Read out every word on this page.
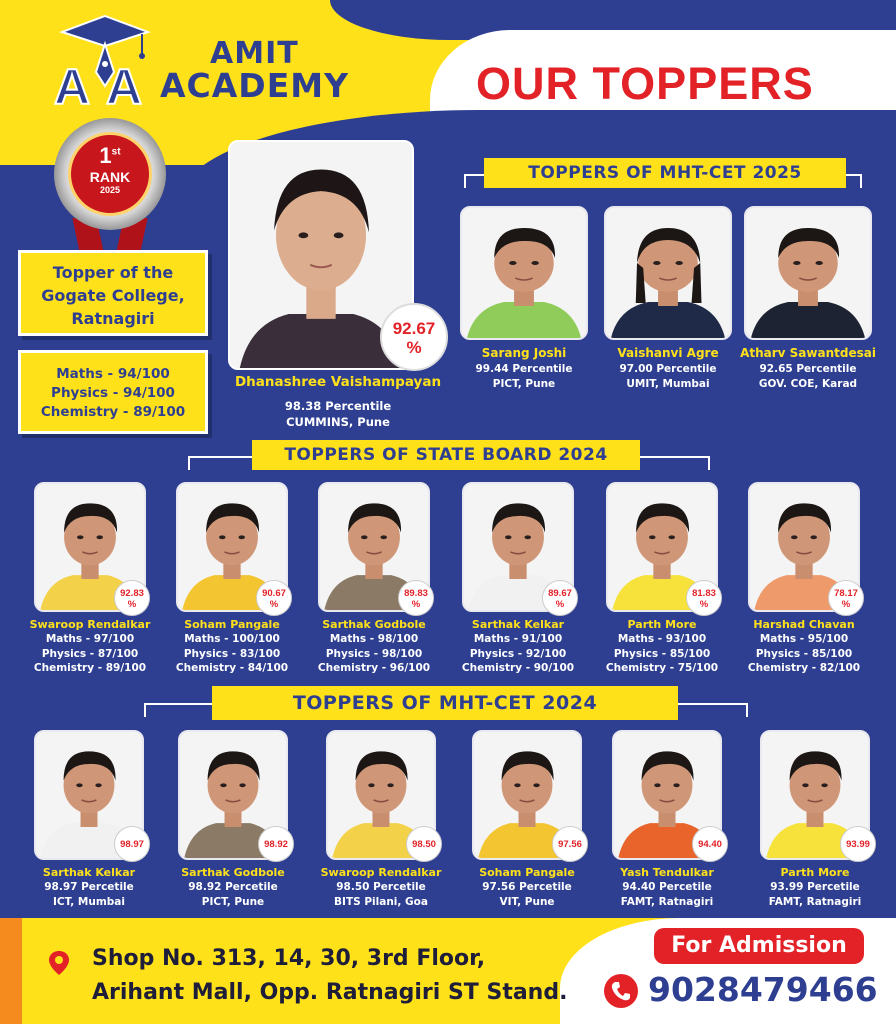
A A
AMIT
ACADEMY	OUR TOPPERS
1st
RANK
2025
Topper of the
Gogate College,
Ratnagiri
Maths - 94/100
Physics - 94/100
Chemistry - 89/100
92.67
%
Dhanashree Vaishampayan
98.38 Percentile
CUMMINS, Pune
TOPPERS OF MHT-CET 2025
Sarang Joshi
99.44 Percentile
PICT, Pune
Vaishanvi Agre
97.00 Percentile
UMIT, Mumbai
Atharv Sawantdesai
92.65 Percentile
GOV. COE, Karad
TOPPERS OF STATE BOARD 2024
92.83
%
Swaroop Rendalkar
Maths - 97/100
Physics - 87/100
Chemistry - 89/100
90.67
%
Soham Pangale
Maths - 100/100
Physics - 83/100
Chemistry - 84/100
89.83
%
Sarthak Godbole
Maths - 98/100
Physics - 98/100
Chemistry - 96/100
89.67
%
Sarthak Kelkar
Maths - 91/100
Physics - 92/100
Chemistry - 90/100
81.83
%
Parth More
Maths - 93/100
Physics - 85/100
Chemistry - 75/100
78.17
%
Harshad Chavan
Maths - 95/100
Physics - 85/100
Chemistry - 82/100
TOPPERS OF MHT-CET 2024
98.97
Sarthak Kelkar
98.97 Percetile
ICT, Mumbai
98.92
Sarthak Godbole
98.92 Percetile
PICT, Pune
98.50
Swaroop Rendalkar
98.50 Percetile
BITS Pilani, Goa
97.56
Soham Pangale
97.56 Percetile
VIT, Pune
94.40
Yash Tendulkar
94.40 Percetile
FAMT, Ratnagiri
93.99
Parth More
93.99 Percetile
FAMT, Ratnagiri
Shop No. 313, 14, 30, 3rd Floor,
Arihant Mall, Opp. Ratnagiri ST Stand.
For Admission
9028479466
